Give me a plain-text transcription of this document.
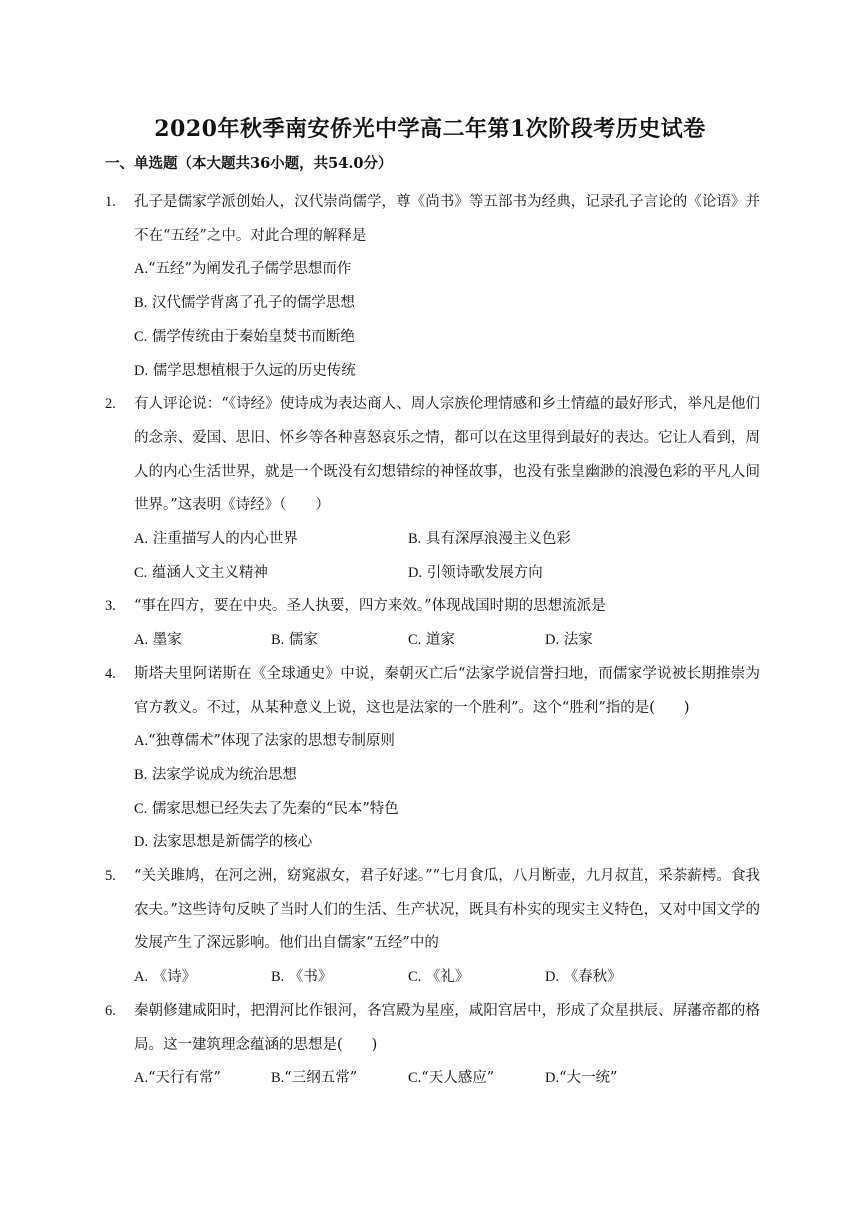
2020年秋季南安侨光中学高二年第1次阶段考历史试卷
一、单选题（本大题共36小题，共54.0分）
1. 孔子是儒家学派创始人，汉代崇尚儒学，尊《尚书》等五部书为经典，记录孔子言论的《论语》并不在“五经”之中。对此合理的解释是

A.“五经”为阐发孔子儒学思想而作

B. 汉代儒学背离了孔子的儒学思想

C. 儒学传统由于秦始皇焚书而断绝

D. 儒学思想植根于久远的历史传统

2. 有人评论说：“《诗经》使诗成为表达商人、周人宗族伦理情感和乡土情蕴的最好形式，举凡是他们的念亲、爱国、思旧、怀乡等各种喜怒哀乐之情，都可以在这里得到最好的表达。它让人看到，周人的内心生活世界，就是一个既没有幻想错综的神怪故事，也没有张皇幽渺的浪漫色彩的平凡人间世界。”这表明《诗经》（　　）

A. 注重描写人的内心世界	B. 具有深厚浪漫主义色彩
C. 蕴涵人文主义精神	D. 引领诗歌发展方向
3. “事在四方，要在中央。圣人执要，四方来效。”体现战国时期的思想流派是

A. 墨家	B. 儒家	C. 道家	D. 法家
4. 斯塔夫里阿诺斯在《全球通史》中说，秦朝灭亡后“法家学说信誉扫地，而儒家学说被长期推崇为官方教义。不过，从某种意义上说，这也是法家的一个胜利”。这个“胜利”指的是(　　)

A.“独尊儒术”体现了法家的思想专制原则

B. 法家学说成为统治思想

C. 儒家思想已经失去了先秦的“民本”特色

D. 法家思想是新儒学的核心

5. “关关雎鸠，在河之洲，窈窕淑女，君子好逑。”“七月食瓜，八月断壶，九月叔苴，采荼薪樗。食我农夫。”这些诗句反映了当时人们的生活、生产状况，既具有朴实的现实主义特色，又对中国文学的发展产生了深远影响。他们出自儒家“五经”中的

A. 《诗》	B. 《书》	C. 《礼》	D. 《春秋》
6. 秦朝修建咸阳时，把渭河比作银河，各宫殿为星座，咸阳宫居中，形成了众星拱辰、屏藩帝都的格局。这一建筑理念蕴涵的思想是(　　)

A.“天行有常”	B.“三纲五常”	C.“天人感应”	D.“大一统”
